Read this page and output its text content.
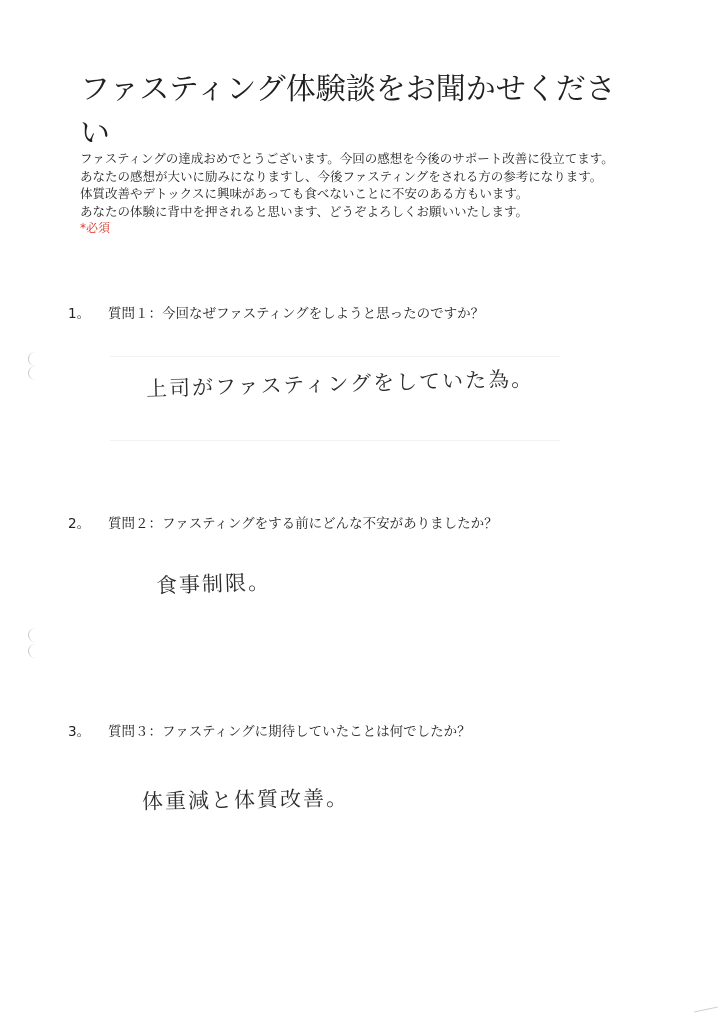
ファスティング体験談をお聞かせください

ファスティングの達成おめでとうございます。今回の感想を今後のサポート改善に役立てます。

あなたの感想が大いに励みになりますし、今後ファスティングをされる方の参考になります。

体質改善やデトックスに興味があっても食べないことに不安のある方もいます。

あなたの体験に背中を押されると思います、どうぞよろしくお願いいたします。

*必須

1。 質問１：今回なぜファスティングをしようと思ったのですか？
上司がファスティングをしていた為。
2。 質問２：ファスティングをする前にどんな不安がありましたか？
食事制限。
3。 質問３：ファスティングに期待していたことは何でしたか？
体重減と体質改善。
